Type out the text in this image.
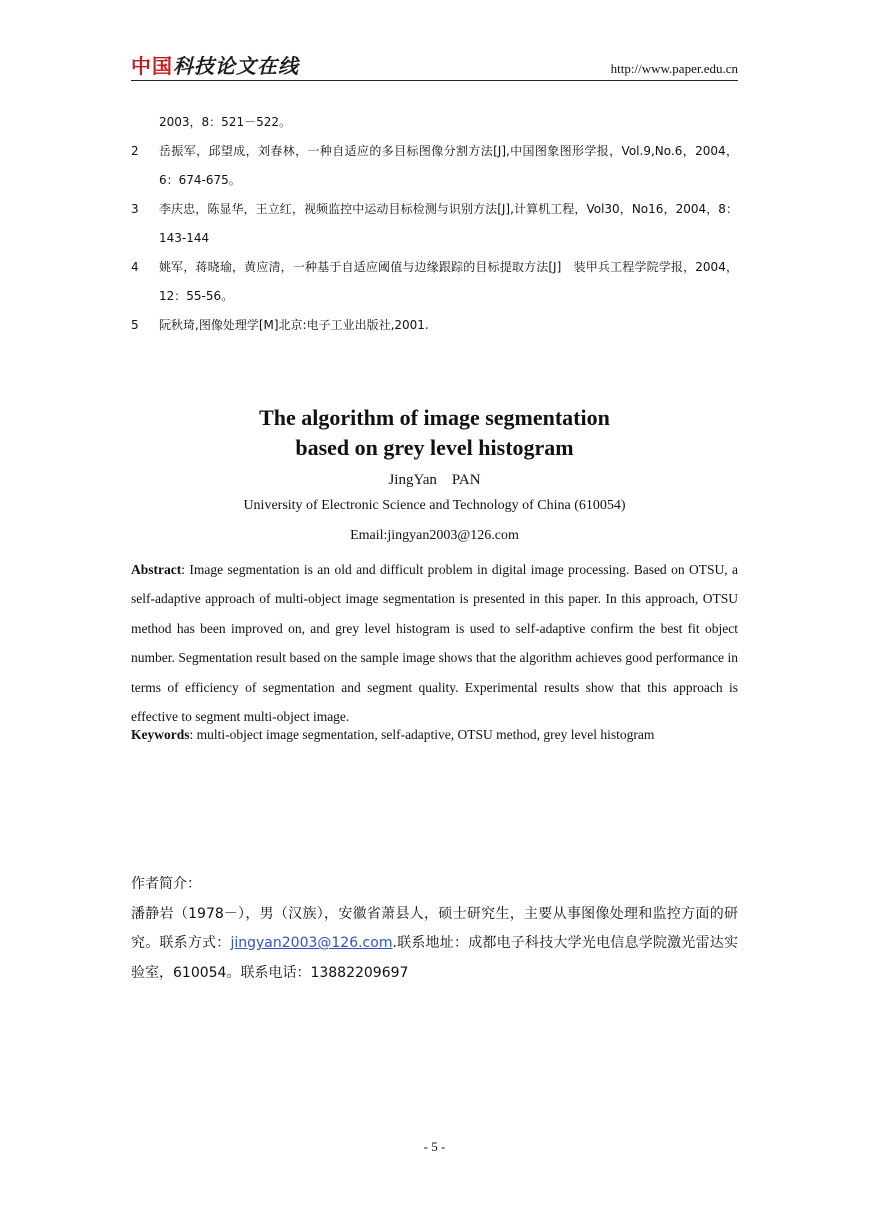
中国科技论文在线	http://www.paper.edu.cn
2003，8：521－522。
2 岳振军，邱望成，刘春林，一种自适应的多目标图像分割方法[J],中国图象图形学报，Vol.9,No.6，2004，6：674-675。
3 李庆忠，陈显华，王立红，视频监控中运动目标检测与识别方法[J],计算机工程，Vol30，No16，2004，8：143-144
4 姚军，蒋晓瑜，黄应清，一种基于自适应阈值与边缘跟踪的目标提取方法[J]　装甲兵工程学院学报，2004，12：55-56。
5 阮秋琦,图像处理学[M]北京:电子工业出版社,2001.
The algorithm of image segmentation
based on grey level histogram
JingYan　PAN
University of Electronic Science and Technology of China (610054)
Email:jingyan2003@126.com
Abstract: Image segmentation is an old and difficult problem in digital image processing. Based on OTSU, a self-adaptive approach of multi-object image segmentation is presented in this paper. In this approach, OTSU method has been improved on, and grey level histogram is used to self-adaptive confirm the best fit object number. Segmentation result based on the sample image shows that the algorithm achieves good performance in terms of efficiency of segmentation and segment quality. Experimental results show that this approach is effective to segment multi-object image.
Keywords: multi-object image segmentation, self-adaptive, OTSU method, grey level histogram
作者简介：
潘静岩（1978－），男（汉族），安徽省萧县人，硕士研究生，主要从事图像处理和监控方面的研究。联系方式：jingyan2003@126.com.联系地址：成都电子科技大学光电信息学院激光雷达实验室，610054。联系电话：13882209697
- 5 -
